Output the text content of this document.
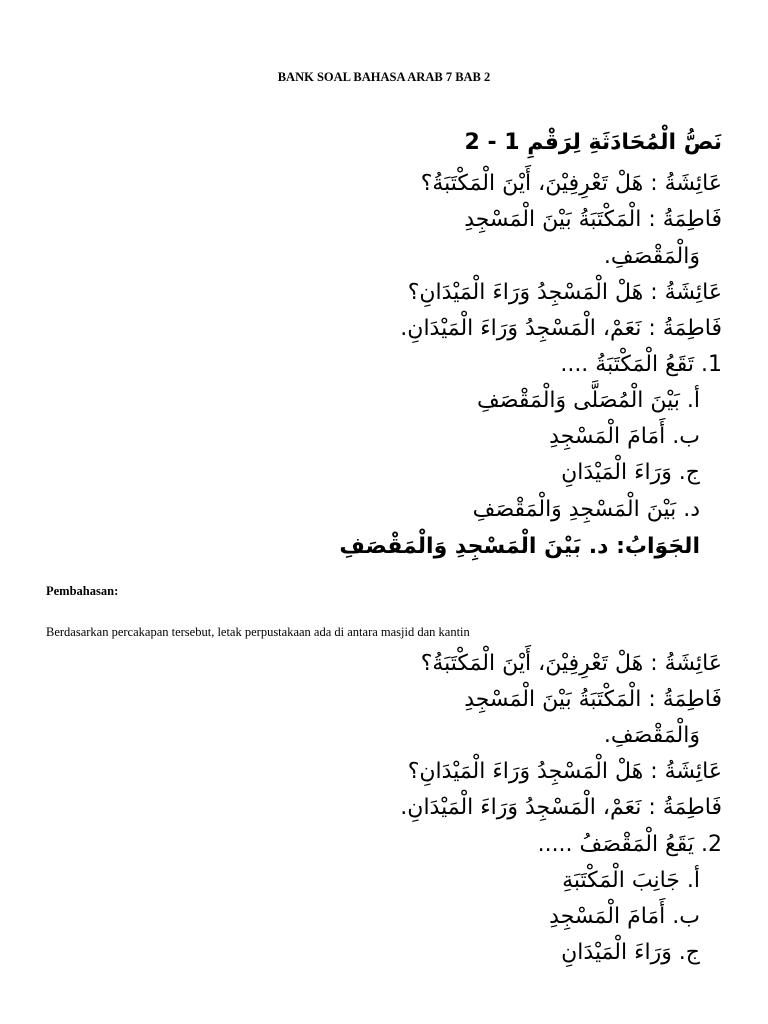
BANK SOAL BAHASA ARAB 7 BAB 2
نَصُّ الْمُحَادَثَةِ لِرَقْمِ 1 - 2
عَائِشَةُ : هَلْ تَعْرِفِيْنَ، أَيْنَ الْمَكْتَبَةُ؟
فَاطِمَةُ : الْمَكْتَبَةُ بَيْنَ الْمَسْجِدِ
وَالْمَقْصَفِ.
عَائِشَةُ : هَلْ الْمَسْجِدُ وَرَاءَ الْمَيْدَانِ؟
فَاطِمَةُ : نَعَمْ، الْمَسْجِدُ وَرَاءَ الْمَيْدَانِ.
1. تَقَعُ الْمَكْتَبَةُ ....
أ. بَيْنَ الْمُصَلَّى وَالْمَقْصَفِ
ب. أَمَامَ الْمَسْجِدِ
ج. وَرَاءَ الْمَيْدَانِ
د. بَيْنَ الْمَسْجِدِ وَالْمَقْصَفِ
الجَوَابُ: د. بَيْنَ الْمَسْجِدِ وَالْمَقْصَفِ
Pembahasan:
Berdasarkan percakapan tersebut, letak perpustakaan ada di antara masjid dan kantin
عَائِشَةُ : هَلْ تَعْرِفِيْنَ، أَيْنَ الْمَكْتَبَةُ؟
فَاطِمَةُ : الْمَكْتَبَةُ بَيْنَ الْمَسْجِدِ
وَالْمَقْصَفِ.
عَائِشَةُ : هَلْ الْمَسْجِدُ وَرَاءَ الْمَيْدَانِ؟
فَاطِمَةُ : نَعَمْ، الْمَسْجِدُ وَرَاءَ الْمَيْدَانِ.
2. يَقَعُ الْمَقْصَفُ .....
أ. جَانِبَ الْمَكْتَبَةِ
ب. أَمَامَ الْمَسْجِدِ
ج. وَرَاءَ الْمَيْدَانِ
